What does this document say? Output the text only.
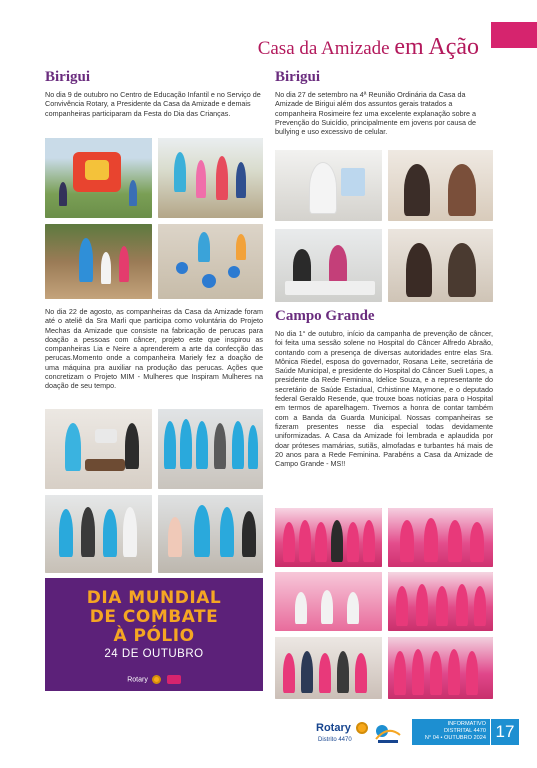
Casa da Amizade em Ação
Birigui

No dia 9 de outubro no Centro de Educação Infantil e no Serviço de Convivência Rotary, a Presidente da Casa da Amizade e demais companheiras participaram da Festa do Dia das Crianças.

No dia 22 de agosto, as companheiras da Casa da Amizade foram até o ateliê da Sra Marli que participa como voluntária do Projeto Mechas da Amizade que consiste na fabricação de perucas para doação a pessoas com câncer, projeto este que inspirou as companheiras Lia e Neire a aprenderem a arte da confecção das perucas.Momento onde a companheira Mariely fez a doação de uma máquina pra auxiliar na produção das perucas. Ações que concretizam o Projeto MIM - Mulheres que Inspiram Mulheres na doação de seu tempo.

DIA MUNDIAL
DE COMBATE
À PÓLIO
24 DE OUTUBRO
Rotary
Birigui

No dia 27 de setembro na 4ª Reunião Ordinária da Casa da Amizade de Birigui além dos assuntos gerais tratados a companheira Rosimeire fez uma excelente explanação sobre a Prevenção do Suicídio, principalmente em jovens por causa de bullying e uso excessivo de celular.

Campo Grande

No dia 1° de outubro, início da campanha de prevenção de câncer, foi feita uma sessão solene no Hospital do Câncer Alfredo Abraão, contando com a presença de diversas autoridades entre elas Sra. Mônica Riedel, esposa do governador, Rosana Leite, secretária de Saúde Municipal, e presidente do Hospital do Câncer Sueli Lopes, a presidente da Rede Feminina, Idelice Souza, e a representante do secretário de Saúde Estadual, Crhistinne Maymone, e o deputado federal Geraldo Resende, que trouxe boas notícias para o Hospital em termos de aparelhagem. Tivemos a honra de contar também com a Banda da Guarda Municipal. Nossas companheiras se fizeram presentes nesse dia especial todas devidamente uniformizadas. A Casa da Amizade foi lembrada e aplaudida por doar próteses mamárias, sutiãs, almofadas e turbantes há mais de 20 anos para a Rede Feminina. Parabéns a Casa da Amizade de Campo Grande - MS!!

Rotary
Distrito 4470
INFORMATIVO
DISTRITAL 4470
N° 04 • OUTUBRO 2024 17
